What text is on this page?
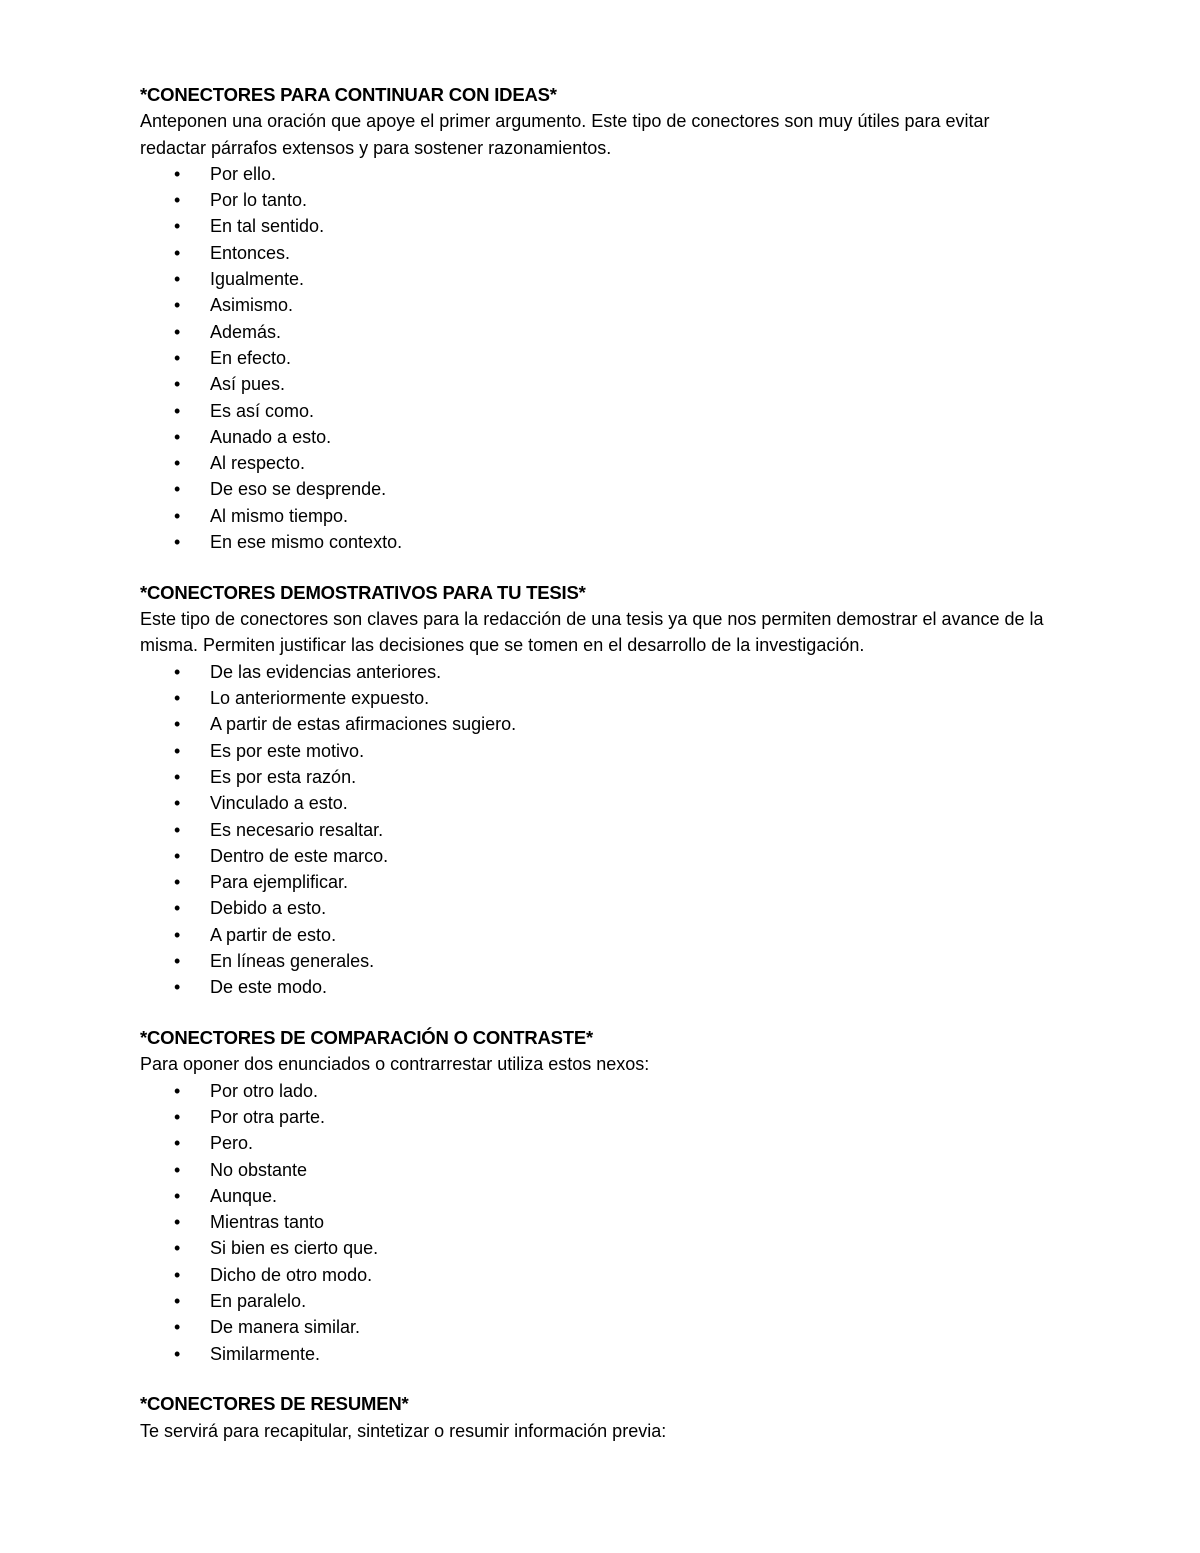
*CONECTORES PARA CONTINUAR CON IDEAS*

Anteponen una oración que apoye el primer argumento. Este tipo de conectores son muy útiles para evitar redactar párrafos extensos y para sostener razonamientos.

• Por ello.
• Por lo tanto.
• En tal sentido.
• Entonces.
• Igualmente.
• Asimismo.
• Además.
• En efecto.
• Así pues.
• Es así como.
• Aunado a esto.
• Al respecto.
• De eso se desprende.
• Al mismo tiempo.
• En ese mismo contexto.
*CONECTORES DEMOSTRATIVOS PARA TU TESIS*

Este tipo de conectores son claves para la redacción de una tesis ya que nos permiten demostrar el avance de la misma. Permiten justificar las decisiones que se tomen en el desarrollo de la investigación.

• De las evidencias anteriores.
• Lo anteriormente expuesto.
• A partir de estas afirmaciones sugiero.
• Es por este motivo.
• Es por esta razón.
• Vinculado a esto.
• Es necesario resaltar.
• Dentro de este marco.
• Para ejemplificar.
• Debido a esto.
• A partir de esto.
• En líneas generales.
• De este modo.
*CONECTORES DE COMPARACIÓN O CONTRASTE*

Para oponer dos enunciados o contrarrestar utiliza estos nexos:

• Por otro lado.
• Por otra parte.
• Pero.
• No obstante
• Aunque.
• Mientras tanto
• Si bien es cierto que.
• Dicho de otro modo.
• En paralelo.
• De manera similar.
• Similarmente.
*CONECTORES DE RESUMEN*

Te servirá para recapitular, sintetizar o resumir información previa:
